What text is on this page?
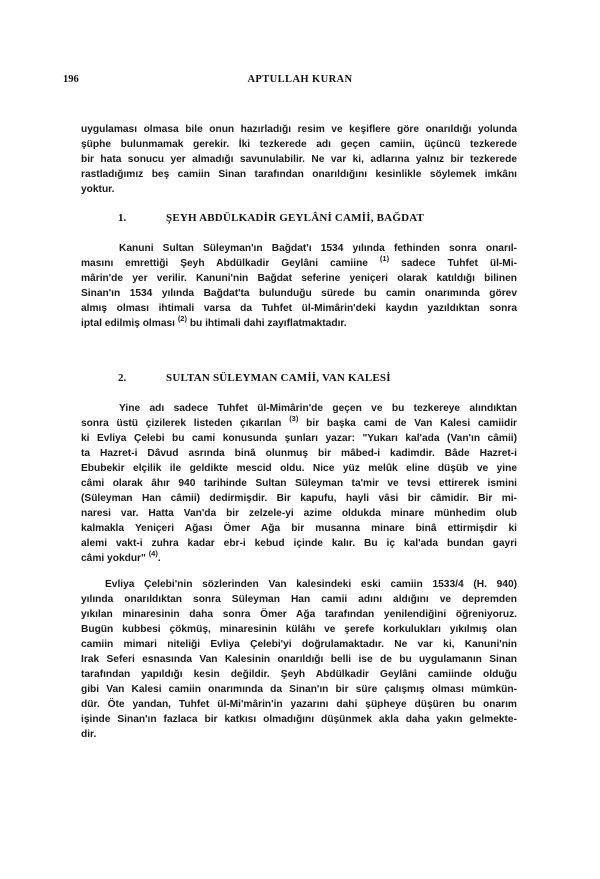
196	APTULLAH KURAN
uygulaması olmasa bile onun hazırladığı resim ve keşiflere göre onarıldığı yolunda
şüphe bulunmamak gerekir. İki tezkerede adı geçen camiin, üçüncü tezkerede
bir hata sonucu yer almadığı savunulabilir. Ne var ki, adlarına yalnız bir tezkerede
rastladığımız beş camiin Sinan tarafından onarıldığını kesinlikle söylemek imkânı
yoktur.
1.	ŞEYH ABDÜLKADİR GEYLÂNİ CAMİİ, BAĞDAT
Kanuni Sultan Süleyman'ın Bağdat'ı 1534 yılında fethinden sonra onarıl-
masını emrettiği Şeyh Abdülkadir Geylâni camiine $^{(1)}$ sadece Tuhfet ül-Mi-
mârin'de yer verilir. Kanuni'nin Bağdat seferine yeniçeri olarak katıldığı bilinen
Sinan'ın 1534 yılında Bağdat'ta bulunduğu sürede bu camin onarımında görev
almış olması ihtimali varsa da Tuhfet ül-Mimârin'deki kaydın yazıldıktan sonra
iptal edilmiş olması $^{(2)}$ bu ihtimali dahi zayıflatmaktadır.
2.	SULTAN SÜLEYMAN CAMİİ, VAN KALESİ
Yine adı sadece Tuhfet ül-Mimârin'de geçen ve bu tezkereye alındıktan
sonra üstü çizilerek listeden çıkarılan $^{(3)}$ bir başka cami de Van Kalesi camiidir
ki Evliya Çelebi bu cami konusunda şunları yazar: "Yukarı kal'ada (Van'ın câmii)
ta Hazret-i Dâvud asrında binâ olunmuş bir mâbed-i kadimdir. Bâde Hazret-i
Ebubekir elçilik ile geldikte mescid oldu. Nice yüz melûk eline düşüb ve yine
câmi olarak âhır 940 tarihinde Sultan Süleyman ta'mir ve tevsi ettirerek ismini
(Süleyman Han câmii) dedirmişdir. Bir kapufu, hayli vâsi bir câmidir. Bir mi-
naresi var. Hatta Van'da bir zelzele-yi azime oldukda minare münhedim olub
kalmakla Yeniçeri Ağası Ömer Ağa bir musanna minare binâ ettirmişdir ki
alemi vakt-i zuhra kadar ebr-i kebud içinde kalır. Bu iç kal'ada bundan gayri
câmi yokdur" $^{(4)}$.
Evliya Çelebi'nin sözlerinden Van kalesindeki eski camiin 1533/4 (H. 940)
yılında onarıldıktan sonra Süleyman Han camii adını aldığını ve depremden
yıkılan minaresinin daha sonra Ömer Ağa tarafından yenilendiğini öğreniyoruz.
Bugün kubbesi çökmüş, minaresinin külâhı ve şerefe korkulukları yıkılmış olan
camiin mimari niteliği Evliya Çelebi'yi doğrulamaktadır. Ne var ki, Kanuni'nin
Irak Seferi esnasında Van Kalesinin onarıldığı belli ise de bu uygulamanın Sinan
tarafından yapıldığı kesin değildir. Şeyh Abdülkadir Geylâni camiinde olduğu
gibi Van Kalesi camiin onarımında da Sinan'ın bir süre çalışmış olması mümkün-
dür. Öte yandan, Tuhfet ül-Mi'mârin'in yazarını dahi şüpheye düşüren bu onarım
işinde Sinan'ın fazlaca bir katkısı olmadığını düşünmek akla daha yakın gelmekte-
dir.
